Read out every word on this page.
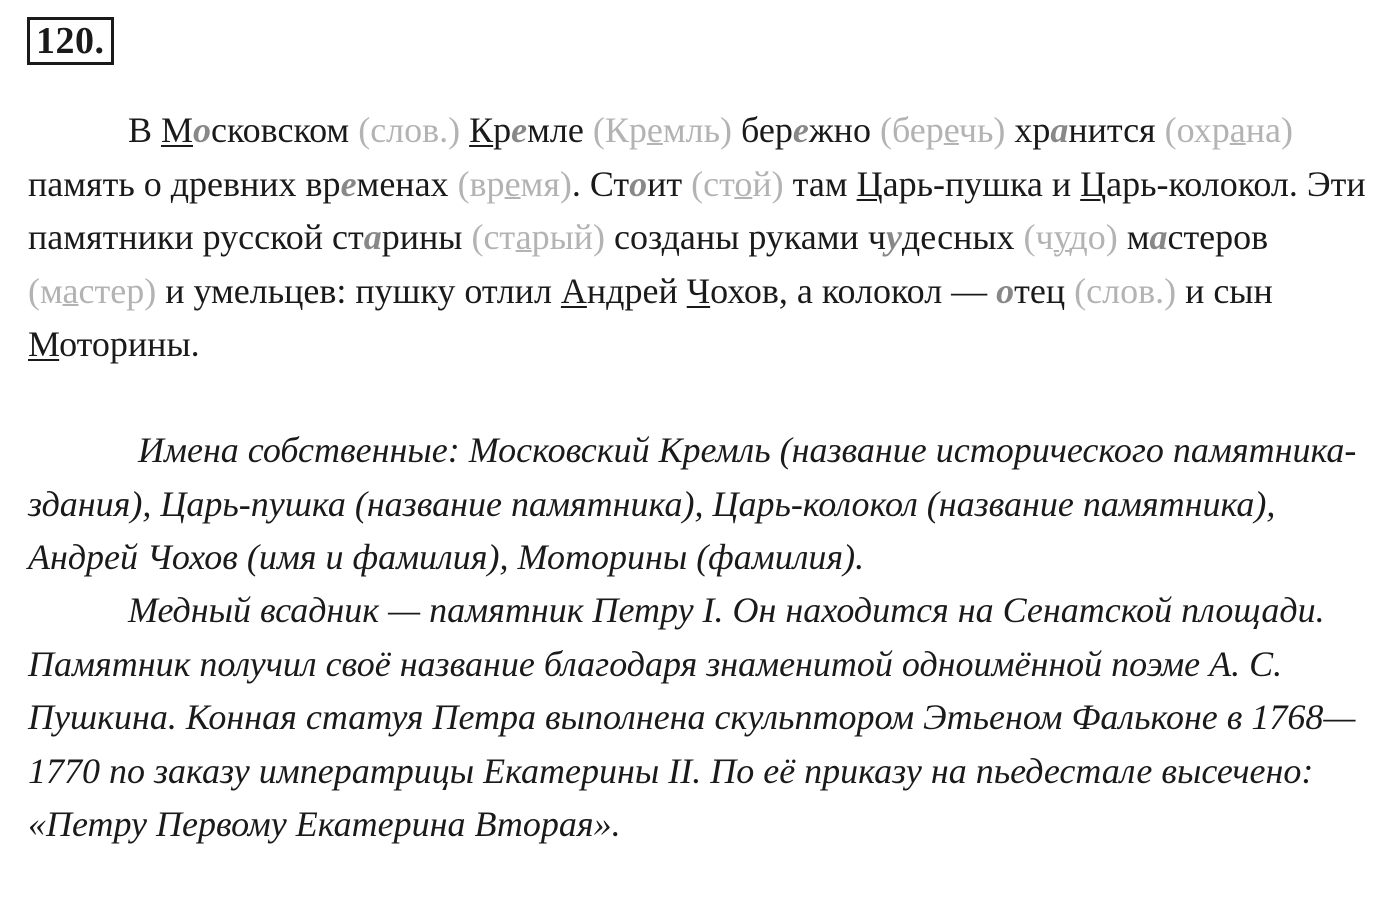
120.

В Московском (слов.) Кремле (Кремль) бережно (беречь) хранится (охрана) память о древних временах (время). Стоит (стой) там Царь-пушка и Царь-колокол. Эти памятники русской старины (старый) созданы руками чудесных (чудо) мастеров (мастер) и умельцев: пушку отлил Андрей Чохов, а колокол — отец (слов.) и сын Моторины.

Имена собственные: Московский Кремль (название исторического памятника-здания), Царь-пушка (название памятника), Царь-колокол (название памятника), Андрей Чохов (имя и фамилия), Моторины (фамилия).

Медный всадник — памятник Петру I. Он находится на Сенатской площади. Памятник получил своё название благодаря знаменитой одноимённой поэме А. С. Пушкина. Конная статуя Петра выполнена скульптором Этьеном Фальконе в 1768—1770 по заказу императрицы Екатерины II. По её приказу на пьедестале высечено: «Петру Первому Екатерина Вторая».
